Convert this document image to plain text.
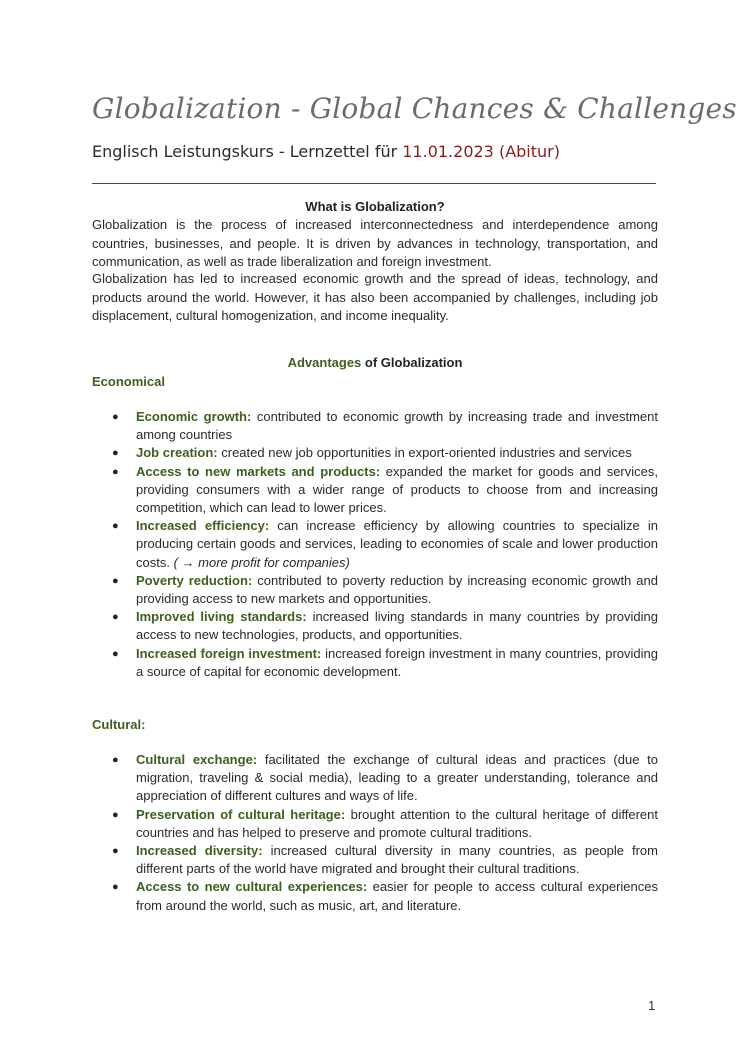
Globalization - Global Chances & Challenges
Englisch Leistungskurs - Lernzettel für 11.01.2023 (Abitur)
What is Globalization?
Globalization is the process of increased interconnectedness and interdependence among countries, businesses, and people. It is driven by advances in technology, transportation, and communication, as well as trade liberalization and foreign investment.
Globalization has led to increased economic growth and the spread of ideas, technology, and products around the world. However, it has also been accompanied by challenges, including job displacement, cultural homogenization, and income inequality.
Advantages of Globalization
Economical
● Economic growth: contributed to economic growth by increasing trade and investment among countries
● Job creation: created new job opportunities in export-oriented industries and services
● Access to new markets and products: expanded the market for goods and services, providing consumers with a wider range of products to choose from and increasing competition, which can lead to lower prices.
● Increased efficiency: can increase efficiency by allowing countries to specialize in producing certain goods and services, leading to economies of scale and lower production costs. ( → more profit for companies)
● Poverty reduction: contributed to poverty reduction by increasing economic growth and providing access to new markets and opportunities.
● Improved living standards: increased living standards in many countries by providing access to new technologies, products, and opportunities.
● Increased foreign investment: increased foreign investment in many countries, providing a source of capital for economic development.
Cultural:
● Cultural exchange: facilitated the exchange of cultural ideas and practices (due to migration, traveling & social media), leading to a greater understanding, tolerance and appreciation of different cultures and ways of life.
● Preservation of cultural heritage: brought attention to the cultural heritage of different countries and has helped to preserve and promote cultural traditions.
● Increased diversity: increased cultural diversity in many countries, as people from different parts of the world have migrated and brought their cultural traditions.
● Access to new cultural experiences: easier for people to access cultural experiences from around the world, such as music, art, and literature.
1
